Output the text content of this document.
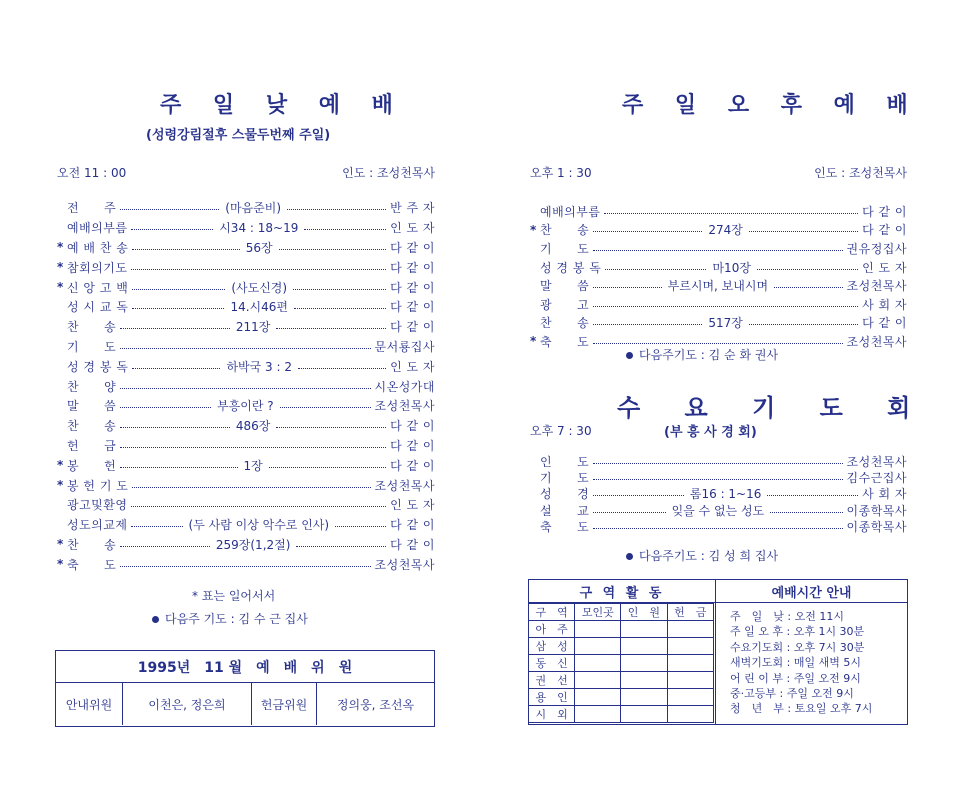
주 일 낮 예 배
(성령강림절후 스물두번째 주일)
오전 11 : 00	인도 : 조성천목사
전　　주	(마음준비)	반 주 자
예배의부름	시34 : 18~19	인 도 자
* 예 배 찬 송	56장	다 같 이
* 참회의기도	다 같 이
* 신 앙 고 백	(사도신경)	다 같 이
성 시 교 독	14.시46편	다 같 이
찬　　송	211장	다 같 이
기　　도	문서룡집사
성 경 봉 독	하박국 3 : 2	인 도 자
찬　　양	시온성가대
말　　씀	부흥이란 ?	조성천목사
찬　　송	486장	다 같 이
헌　　금	다 같 이
* 봉　　헌	1장	다 같 이
* 봉 헌 기 도	조성천목사
광고및환영	인 도 자
성도의교제	(두 사람 이상 악수로 인사)	다 같 이
* 찬　　송	259장(1,2절)	다 같 이
* 축　　도	조성천목사
* 표는 일어서서
다음주 기도 : 김 수 근 집사
1995년　11 월　예　배　위　원
안내위원	이천은, 정은희	헌금위원	정의웅, 조선옥
주 일 오 후 예 배
오후 1 : 30	인도 : 조성천목사
예배의부름	다 같 이
* 찬　　송	274장	다 같 이
기　　도	권유정집사
성 경 봉 독	마10장	인 도 자
말　　씀	부르시며, 보내시며	조성천목사
광　　고	사 회 자
찬　　송	517장	다 같 이
* 축　　도	조성천목사
다음주기도 : 김 순 화 권사
수 요 기 도 회
(부 흥 사 경 회)
오후 7 : 30
인　　도	조성천목사
기　　도	김수근집사
성　　경	롬16 : 1~16	사 회 자
설　　교	잊을 수 없는 성도	이종학목사
축　　도	이종학목사
다음주기도 : 김 성 희 집사
구 역 활 동
구　역	모인곳	인　원	헌　금
아　주			
삼　성			
동　신			
권　선			
용　인			
시　외			
예배시간 안내
주　일　낮 : 오전 11시
주 일 오 후 : 오후 1시 30분
수요기도회 : 오후 7시 30분
새벽기도회 : 매일 새벽 5시
어 린 이 부 : 주일 오전 9시
중·고등부 : 주일 오전 9시
청　년　부 : 토요일 오후 7시
